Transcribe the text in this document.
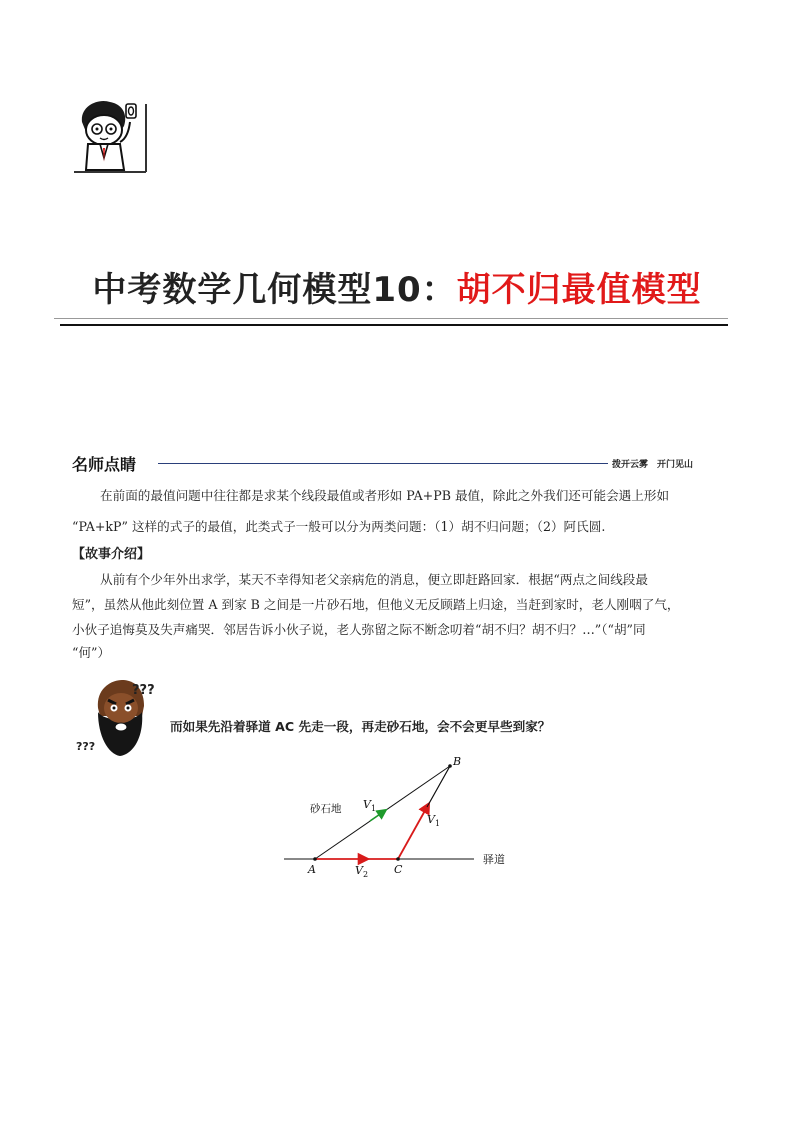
中考数学几何模型10：胡不归最值模型
名师点睛	拨开云雾　开门见山
在前面的最值问题中往往都是求某个线段最值或者形如 PA+PB 最值，除此之外我们还可能会遇上形如
“PA+kP” 这样的式子的最值，此类式子一般可以分为两类问题：（1）胡不归问题；（2）阿氏圆.
【故事介绍】
从前有个少年外出求学，某天不幸得知老父亲病危的消息，便立即赶路回家．根据“两点之间线段最
短”，虽然从他此刻位置 A 到家 B 之间是一片砂石地，但他义无反顾踏上归途，当赶到家时，老人刚咽了气，
小伙子追悔莫及失声痛哭．邻居告诉小伙子说，老人弥留之际不断念叨着“胡不归？胡不归？…”（“胡”同
“何”）
???
???
而如果先沿着驿道 AC 先走一段，再走砂石地，会不会更早些到家？
A	C
B
砂石地
驿道
$V_1$
$V_1$
$V_2$
